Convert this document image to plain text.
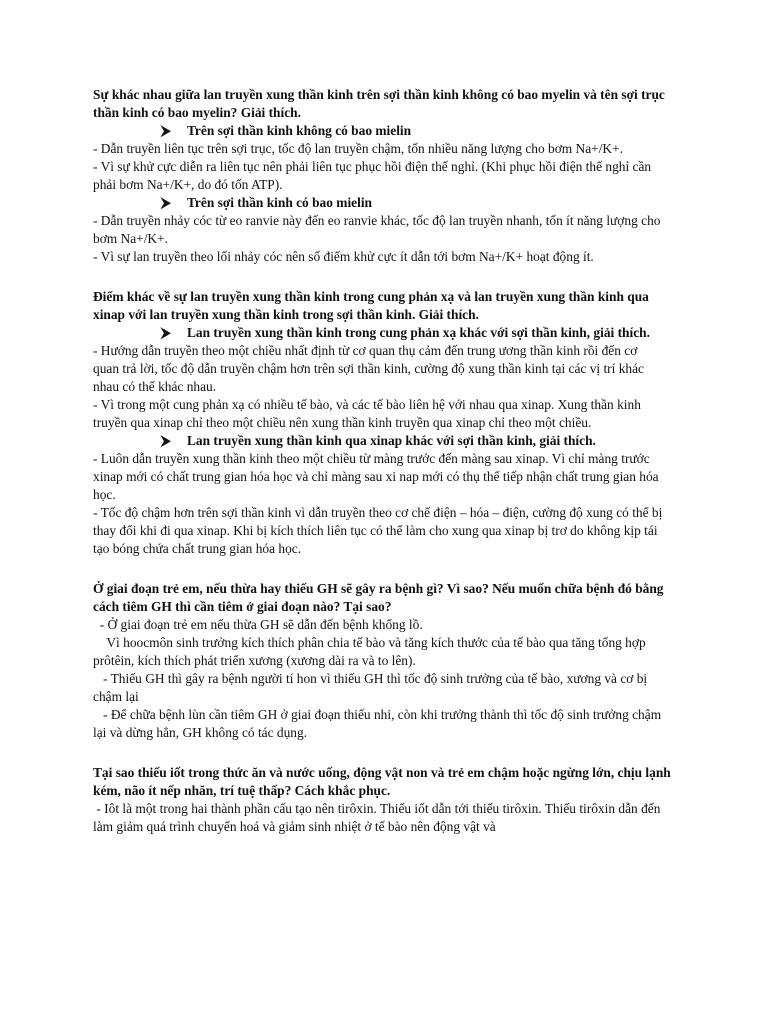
Sự khác nhau giữa lan truyền xung thần kinh trên sợi thần kinh không có bao myelin và tên sợi trục thần kinh có bao myelin? Giải thích.

⮞ Trên sợi thần kinh không có bao mielin

- Dẫn truyền liên tục trên sợi trục, tốc độ lan truyền chậm, tốn nhiều năng lượng cho bơm Na+/K+.

- Vì sự khử cực diễn ra liên tục nên phải liên tục phục hồi điện thế nghỉ. (Khi phục hồi điện thế nghỉ cần phải bơm Na+/K+, do đó tốn ATP).

⮞ Trên sợi thần kinh có bao mielin

- Dẫn truyền nhảy cóc từ eo ranvie này đến eo ranvie khác, tốc độ lan truyền nhanh, tốn ít năng lượng cho bơm Na+/K+.

- Vì sự lan truyền theo lối nhảy cóc nên số điểm khử cực ít dẫn tới bơm Na+/K+ hoạt động ít.

Điểm khác về sự lan truyền xung thần kinh trong cung phản xạ và lan truyền xung thần kinh qua xinap với lan truyền xung thần kinh trong sợi thần kinh. Giải thích.

⮞ Lan truyền xung thần kinh trong cung phản xạ khác với sợi thần kinh, giải thích.

- Hướng dẫn truyền theo một chiều nhất định từ cơ quan thụ cảm đến trung ương thần kinh rồi đến cơ

quan trả lời, tốc độ dẫn truyền chậm hơn trên sợi thần kinh, cường độ xung thần kinh tại các vị trí khác nhau có thể khác nhau.

- Vì trong một cung phản xạ có nhiều tế bào, và các tế bào liên hệ với nhau qua xinap. Xung thần kinh truyền qua xinap chỉ theo một chiều nên xung thần kinh truyền qua xinap chỉ theo một chiều.

⮞ Lan truyền xung thần kinh qua xinap khác với sợi thần kinh, giải thích.

- Luôn dẫn truyền xung thần kinh theo một chiều từ màng trước đến màng sau xinap. Vì chỉ màng trước xinap mới có chất trung gian hóa học và chỉ màng sau xi nap mới có thụ thể tiếp nhận chất trung gian hóa học.

- Tốc độ chậm hơn trên sợi thần kinh vì dẫn truyền theo cơ chế điện – hóa – điện, cường độ xung có thể bị thay đổi khi đi qua xinap. Khi bị kích thích liên tục có thể làm cho xung qua xinap bị trơ do không kịp tái tạo bóng chứa chất trung gian hóa học.

Ở giai đoạn trẻ em, nếu thừa hay thiếu GH sẽ gây ra bệnh gì? Vì sao? Nếu muốn chữa bệnh đó bằng cách tiêm GH thì cần tiêm ở giai đoạn nào? Tại sao?

- Ở giai đoạn trẻ em nếu thừa GH sẽ dẫn đến bệnh khổng lồ.

Vì hoocmôn sinh trưởng kích thích phân chia tế bào và tăng kích thước của tế bào qua tăng tổng hợp prôtêin, kích thích phát triển xương (xương dài ra và to lên).

- Thiếu GH thì gây ra bệnh người tí hon vì thiếu GH thì tốc độ sinh trưởng của tế bào, xương và cơ bị chậm lại

- Để chữa bệnh lùn cần tiêm GH ở giai đoạn thiếu nhi, còn khi trưởng thành thì tốc độ sinh trưởng chậm lại và dừng hẳn, GH không có tác dụng.

Tại sao thiếu iốt trong thức ăn và nước uống, động vật non và trẻ em chậm hoặc ngừng lớn, chịu lạnh kém, não ít nếp nhăn, trí tuệ thấp? Cách khắc phục.

- Iôt là một trong hai thành phần cấu tạo nên tirôxin. Thiếu iốt dẫn tới thiếu tirôxin. Thiếu tirôxin dẫn đến làm giảm quá trình chuyển hoá và giảm sinh nhiệt ở tế bào nên động vật và
